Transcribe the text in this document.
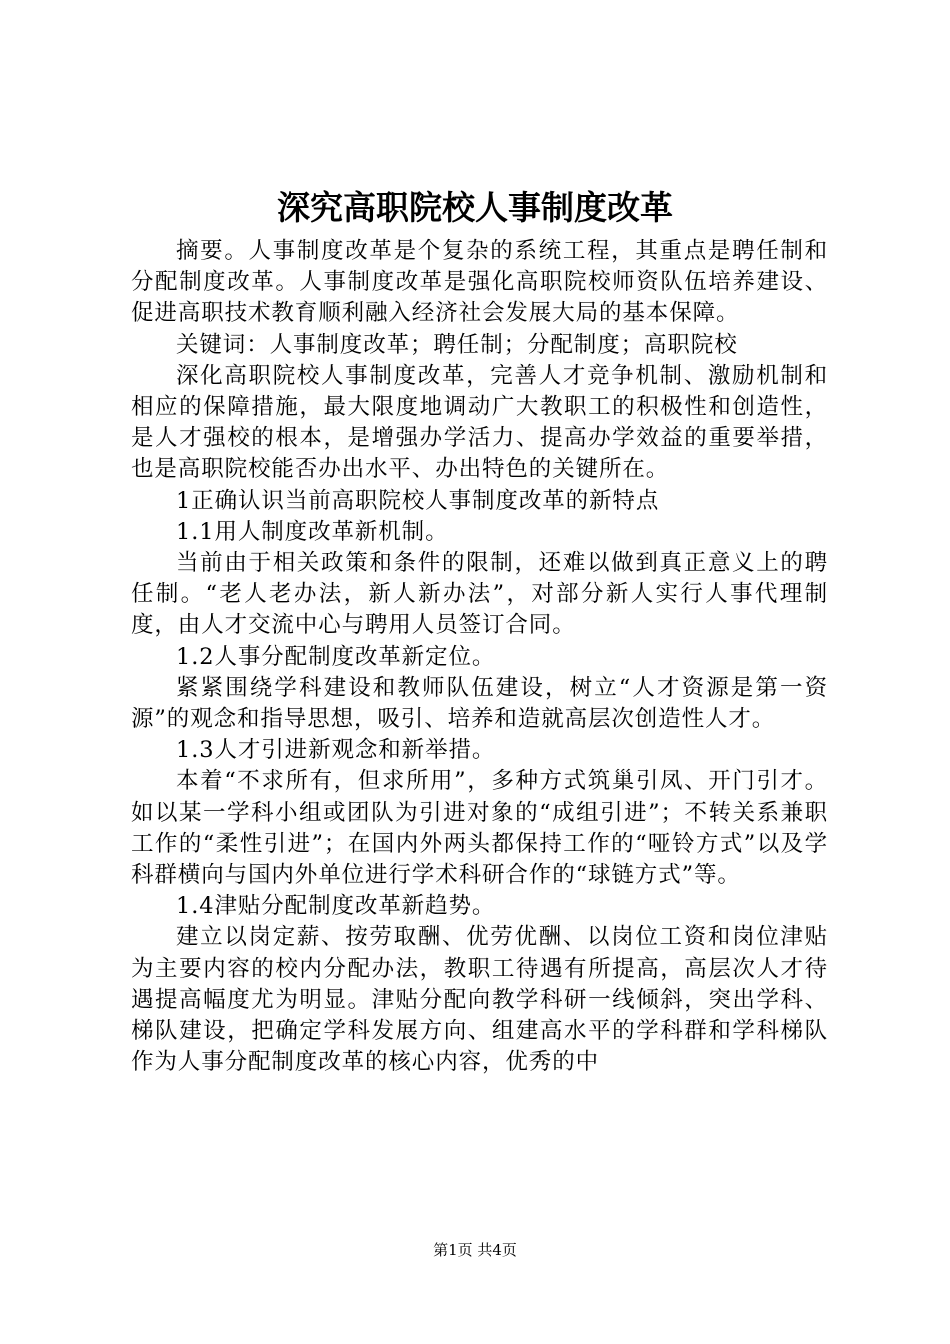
深究高职院校人事制度改革

摘要。人事制度改革是个复杂的系统工程，其重点是聘任制和分配制度改革。人事制度改革是强化高职院校师资队伍培养建设、促进高职技术教育顺利融入经济社会发展大局的基本保障。

关键词：人事制度改革；聘任制；分配制度；高职院校

深化高职院校人事制度改革，完善人才竞争机制、激励机制和相应的保障措施，最大限度地调动广大教职工的积极性和创造性，是人才强校的根本，是增强办学活力、提高办学效益的重要举措，也是高职院校能否办出水平、办出特色的关键所在。

1正确认识当前高职院校人事制度改革的新特点

1.1用人制度改革新机制。

当前由于相关政策和条件的限制，还难以做到真正意义上的聘任制。“老人老办法，新人新办法”，对部分新人实行人事代理制度，由人才交流中心与聘用人员签订合同。

1.2人事分配制度改革新定位。

紧紧围绕学科建设和教师队伍建设，树立“人才资源是第一资源”的观念和指导思想，吸引、培养和造就高层次创造性人才。

1.3人才引进新观念和新举措。

本着“不求所有，但求所用”，多种方式筑巢引凤、开门引才。如以某一学科小组或团队为引进对象的“成组引进”；不转关系兼职工作的“柔性引进”；在国内外两头都保持工作的“哑铃方式”以及学科群横向与国内外单位进行学术科研合作的“球链方式”等。

1.4津贴分配制度改革新趋势。

建立以岗定薪、按劳取酬、优劳优酬、以岗位工资和岗位津贴为主要内容的校内分配办法，教职工待遇有所提高，高层次人才待遇提高幅度尤为明显。津贴分配向教学科研一线倾斜，突出学科、梯队建设，把确定学科发展方向、组建高水平的学科群和学科梯队作为人事分配制度改革的核心内容，优秀的中

第1页 共4页
